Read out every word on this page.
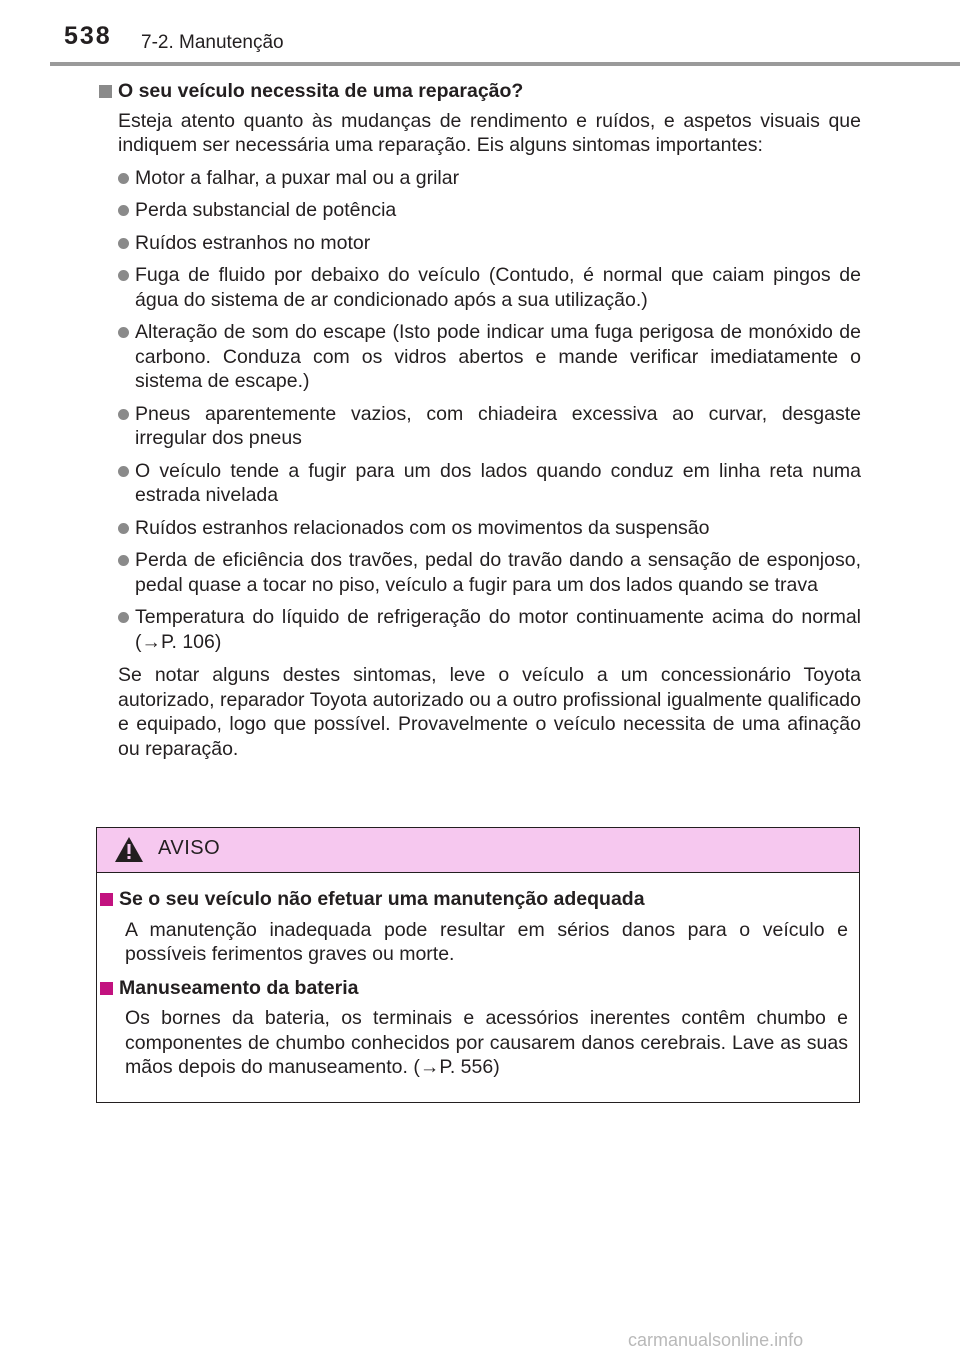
538 7-2. Manutenção
O seu veículo necessita de uma reparação?

Esteja atento quanto às mudanças de rendimento e ruídos, e aspetos visuais que indiquem ser necessária uma reparação. Eis alguns sintomas importantes:

Motor a falhar, a puxar mal ou a grilar
Perda substancial de potência
Ruídos estranhos no motor
Fuga de fluido por debaixo do veículo (Contudo, é normal que caiam pingos de água do sistema de ar condicionado após a sua utilização.)
Alteração de som do escape (Isto pode indicar uma fuga perigosa de monóxido de carbono. Conduza com os vidros abertos e mande verificar imediatamente o sistema de escape.)
Pneus aparentemente vazios, com chiadeira excessiva ao curvar, desgaste irregular dos pneus
O veículo tende a fugir para um dos lados quando conduz em linha reta numa estrada nivelada
Ruídos estranhos relacionados com os movimentos da suspensão
Perda de eficiência dos travões, pedal do travão dando a sensação de esponjoso, pedal quase a tocar no piso, veículo a fugir para um dos lados quando se trava
Temperatura do líquido de refrigeração do motor continuamente acima do normal (→P. 106)

Se notar alguns destes sintomas, leve o veículo a um concessionário Toyota autorizado, reparador Toyota autorizado ou a outro profissional igualmente qualificado e equipado, logo que possível. Provavelmente o veículo necessita de uma afinação ou reparação.

AVISO
Se o seu veículo não efetuar uma manutenção adequada

A manutenção inadequada pode resultar em sérios danos para o veículo e possíveis ferimentos graves ou morte.

Manuseamento da bateria

Os bornes da bateria, os terminais e acessórios inerentes contêm chumbo e componentes de chumbo conhecidos por causarem danos cerebrais. Lave as suas mãos depois do manuseamento. (→P. 556)

carmanualsonline.info
